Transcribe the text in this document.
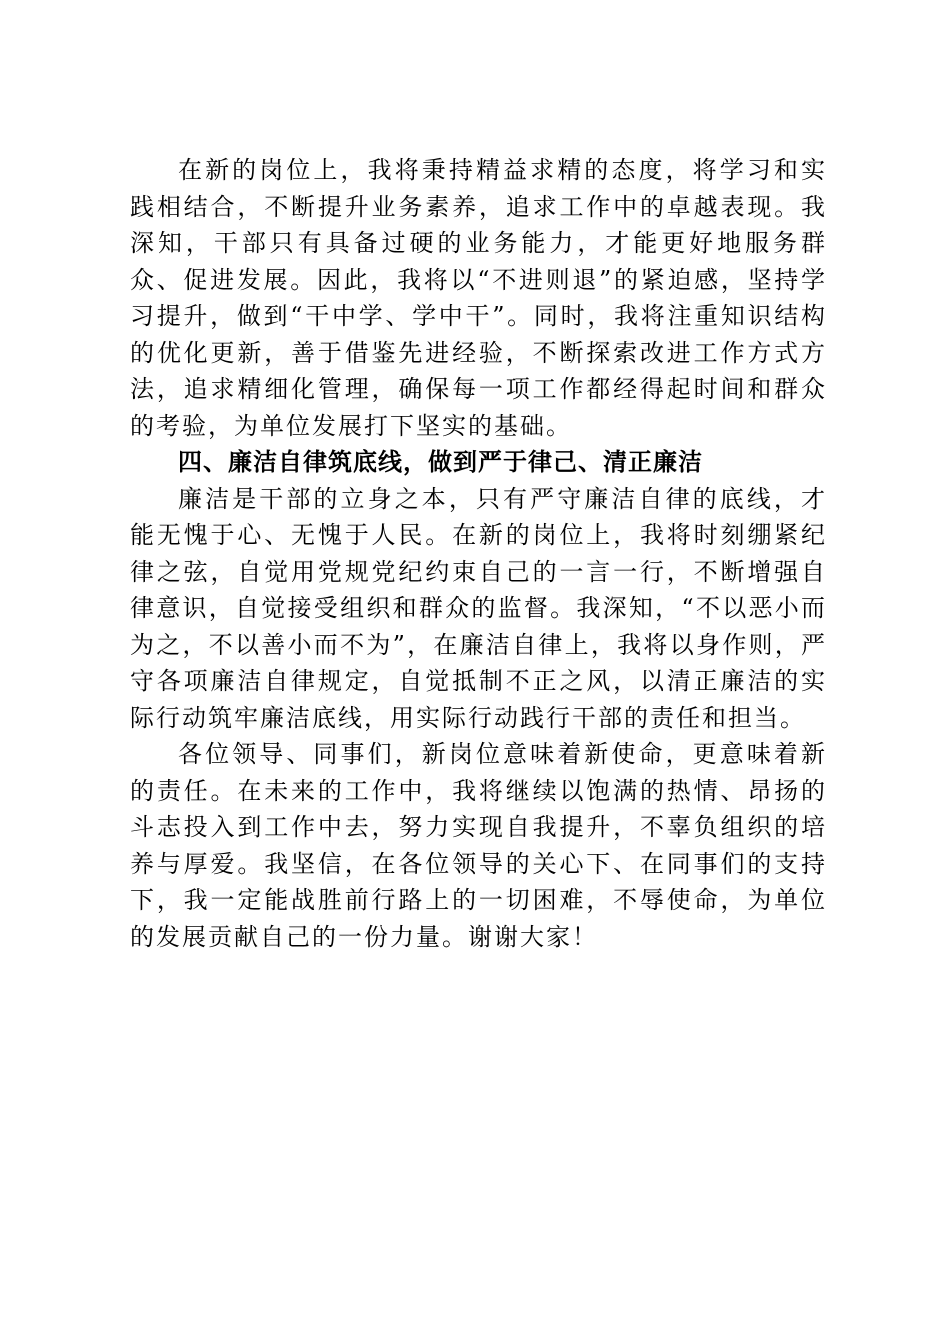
在新的岗位上，我将秉持精益求精的态度，将学习和实践相结合，不断提升业务素养，追求工作中的卓越表现。我深知，干部只有具备过硬的业务能力，才能更好地服务群众、促进发展。因此，我将以“不进则退”的紧迫感，坚持学习提升，做到“干中学、学中干”。同时，我将注重知识结构的优化更新，善于借鉴先进经验，不断探索改进工作方式方法，追求精细化管理，确保每一项工作都经得起时间和群众的考验，为单位发展打下坚实的基础。

四、廉洁自律筑底线，做到严于律己、清正廉洁

廉洁是干部的立身之本，只有严守廉洁自律的底线，才能无愧于心、无愧于人民。在新的岗位上，我将时刻绷紧纪律之弦，自觉用党规党纪约束自己的一言一行，不断增强自律意识，自觉接受组织和群众的监督。我深知，“不以恶小而为之，不以善小而不为”，在廉洁自律上，我将以身作则，严守各项廉洁自律规定，自觉抵制不正之风，以清正廉洁的实际行动筑牢廉洁底线，用实际行动践行干部的责任和担当。

各位领导、同事们，新岗位意味着新使命，更意味着新的责任。在未来的工作中，我将继续以饱满的热情、昂扬的斗志投入到工作中去，努力实现自我提升，不辜负组织的培养与厚爱。我坚信，在各位领导的关心下、在同事们的支持下，我一定能战胜前行路上的一切困难，不辱使命，为单位的发展贡献自己的一份力量。谢谢大家！
